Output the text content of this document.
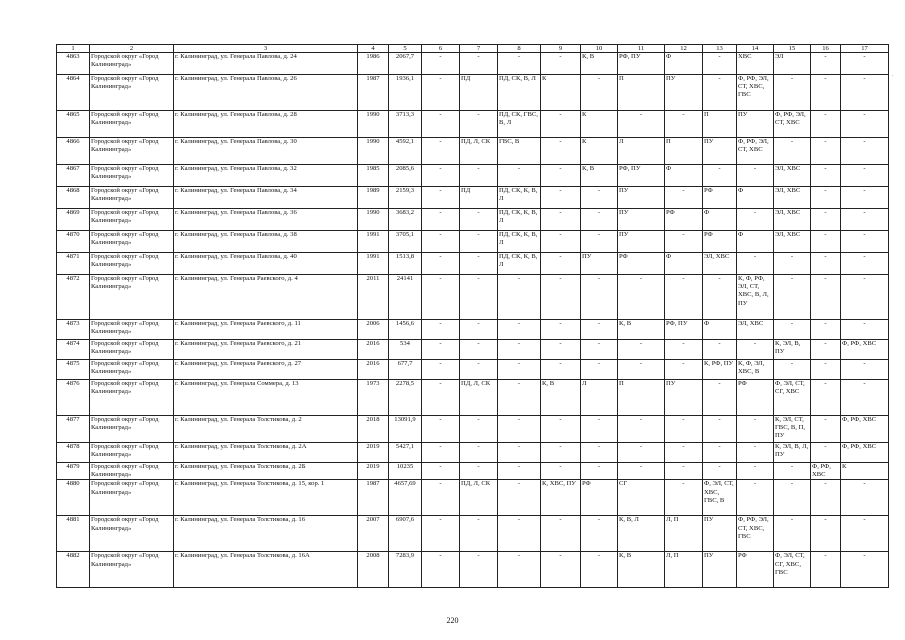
1	2	3	4	5	6	7	8	9	10	11	12	13	14	15	16	17
4863	Городской округ «Город Калининград»	г. Калининград, ул. Генерала Павлова, д. 24	1986	2067,7	-	-	-	-	К, В	РФ, ПУ	Ф	-	ХВС	ЭЛ	-	-
4864	Городской округ «Город Калининград»	г. Калининград, ул. Генерала Павлова, д. 26	1987	1936,1	-	ПД	ПД, СК, В, Л	К	-	П	ПУ	-	Ф, РФ, ЭЛ, СТ, ХВС, ГВС	-	-	-
4865	Городской округ «Город Калининград»	г. Калининград, ул. Генерала Павлова, д. 28	1990	3713,3	-	-	ПД, СК, ГВС, В, Л	-	К	-	-	П	ПУ	Ф, РФ, ЭЛ, СТ, ХВС	-	-
4866	Городской округ «Город Калининград»	г. Калининград, ул. Генерала Павлова, д. 30	1990	4592,1	-	ПД, Л, СК	ГВС, В	-	К	Л	П	ПУ	Ф, РФ, ЭЛ, СТ, ХВС	-	-	-
4867	Городской округ «Город Калининград»	г. Калининград, ул. Генерала Павлова, д. 32	1985	2085,6	-	-	-	-	К, В	РФ, ПУ	Ф	-	-	ЭЛ, ХВС	-	-
4868	Городской округ «Город Калининград»	г. Калининград, ул. Генерала Павлова, д. 34	1989	2159,3	-	ПД	ПД, СК, К, В, Л	-	-	ПУ	-	РФ	Ф	ЭЛ, ХВС	-	-
4869	Городской округ «Город Калининград»	г. Калининград, ул. Генерала Павлова, д. 36	1990	3683,2	-	-	ПД, СК, К, В, Л	-	-	ПУ	РФ	Ф	-	ЭЛ, ХВС	-	-
4870	Городской округ «Город Калининград»	г. Калининград, ул. Генерала Павлова, д. 38	1991	3705,1	-	-	ПД, СК, К, В, Л	-	-	ПУ	-	РФ	Ф	ЭЛ, ХВС	-	-
4871	Городской округ «Город Калининград»	г. Калининград, ул. Генерала Павлова, д. 40	1991	1513,8	-	-	ПД, СК, К, В, Л	-	ПУ	РФ	Ф	ЭЛ, ХВС	-	-	-	-
4872	Городской округ «Город Калининград»	г. Калининград, ул. Генерала Раевского, д. 4	2011	24141	-	-	-	-	-	-	-	-	К, Ф, РФ, ЭЛ, СТ, ХВС, В, Л, ПУ	-	-	-
4873	Городской округ «Город Калининград»	г. Калининград, ул. Генерала Раевского, д. 11	2006	1456,6	-	-	-	-	-	К, В	РФ, ПУ	Ф	ЭЛ, ХВС	-	-	-
4874	Городской округ «Город Калининград»	г. Калининград, ул. Генерала Раевского, д. 21	2016	534	-	-	-	-	-	-	-	-	-	К, ЭЛ, В, ПУ	-	Ф, РФ, ХВС
4875	Городской округ «Город Калининград»	г. Калининград, ул. Генерала Раевского, д. 27	2016	677,7	-	-	-	-	-	-	-	К, РФ, ПУ	К, Ф, ЭЛ, ХВС, В	-	-	-
4876	Городской округ «Город Калининград»	г. Калининград, ул. Генерала Соммера, д. 13	1973	2278,5	-	ПД, Л, СК	-	К, В	Л	П	ПУ	-	РФ	Ф, ЭЛ, СТ, СГ, ХВС	-	-
4877	Городской округ «Город Калининград»	г. Калининград, ул. Генерала Толстикова, д. 2	2018	13091,9	-	-	-	-	-	-	-	-	-	К, ЭЛ, СТ, ГВС, В, П, ПУ	-	Ф, РФ, ХВС
4878	Городской округ «Город Калининград»	г. Калининград, ул. Генерала Толстикова, д. 2А	2019	5427,1	-	-	-	-	-	-	-	-	-	К, ЭЛ, В, Л, ПУ	-	Ф, РФ, ХВС
4879	Городской округ «Город Калининград»	г. Калининград, ул. Генерала Толстикова, д. 2Б	2019	10235	-	-	-	-	-	-	-	-	-	-	Ф, РФ, ХВС	К
4880	Городской округ «Город Калининград»	г. Калининград, ул. Генерала Толстикова, д. 15, кор. 1	1987	4657,69	-	ПД, Л, СК	-	К, ХВС, ПУ	РФ	СГ	-	Ф, ЭЛ, СТ, ХВС, ГВС, В	-	-	-	-
4881	Городской округ «Город Калининград»	г. Калининград, ул. Генерала Толстикова, д. 16	2007	6907,6	-	-	-	-	-	К, В, Л	Л, П	ПУ	Ф, РФ, ЭЛ, СТ, ХВС, ГВС	-	-	-
4882	Городской округ «Город Калининград»	г. Калининград, ул. Генерала Толстикова, д. 16А	2008	7283,9	-	-	-	-	-	К, В	Л, П	ПУ	РФ	Ф, ЭЛ, СТ, СГ, ХВС, ГВС	-	-
.
220
